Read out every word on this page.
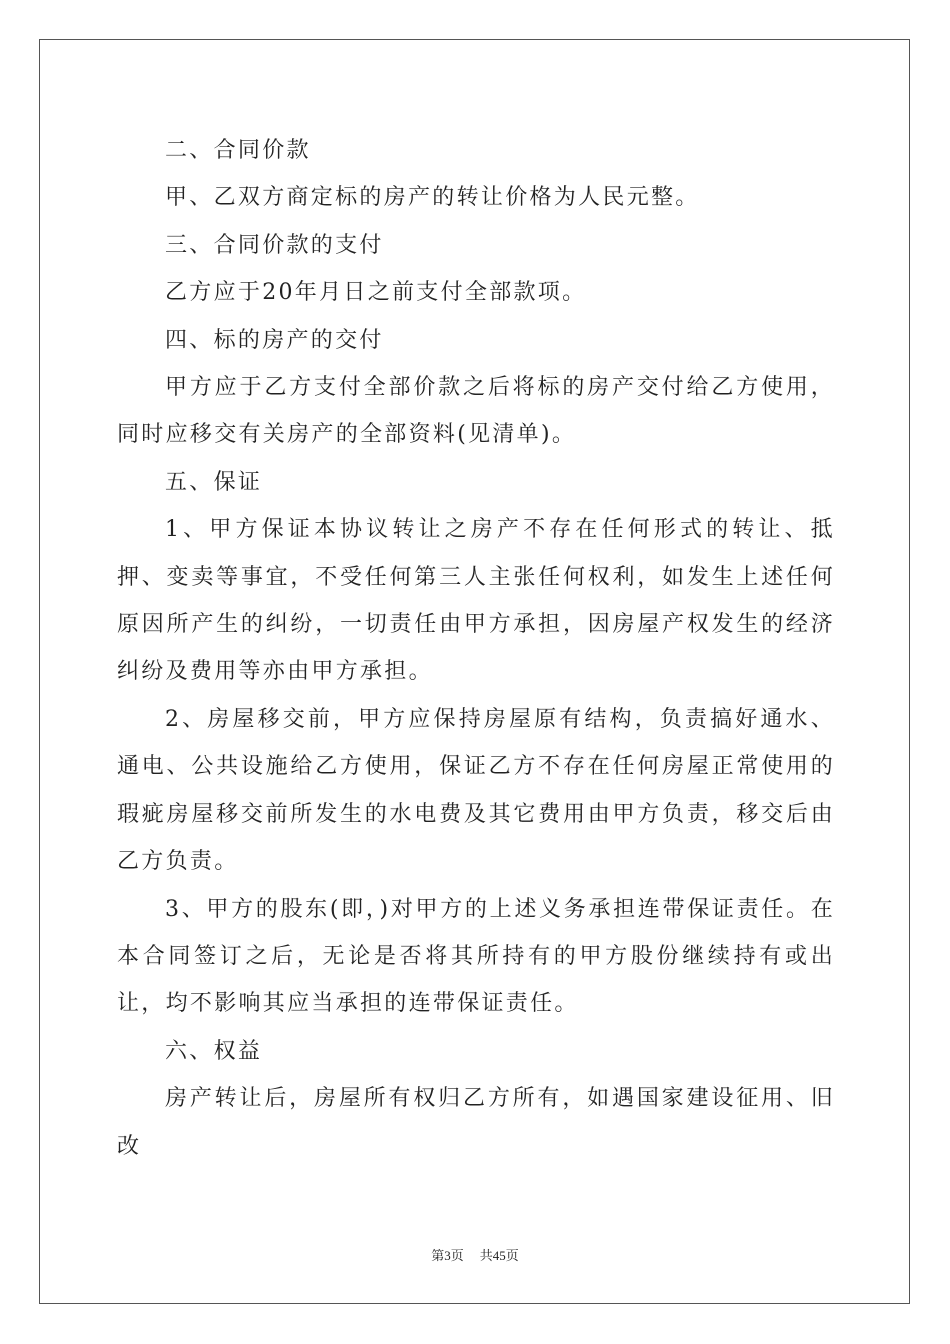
二、合同价款

甲、乙双方商定标的房产的转让价格为人民元整。

三、合同价款的支付

乙方应于20年月日之前支付全部款项。

四、标的房产的交付

甲方应于乙方支付全部价款之后将标的房产交付给乙方使用，同时应移交有关房产的全部资料(见清单)。

五、保证

1、甲方保证本协议转让之房产不存在任何形式的转让、抵押、变卖等事宜，不受任何第三人主张任何权利，如发生上述任何原因所产生的纠纷，一切责任由甲方承担，因房屋产权发生的经济纠纷及费用等亦由甲方承担。

2、房屋移交前，甲方应保持房屋原有结构，负责搞好通水、通电、公共设施给乙方使用，保证乙方不存在任何房屋正常使用的瑕疵房屋移交前所发生的水电费及其它费用由甲方负责，移交后由乙方负责。

3、甲方的股东(即，)对甲方的上述义务承担连带保证责任。在本合同签订之后，无论是否将其所持有的甲方股份继续持有或出让，均不影响其应当承担的连带保证责任。

六、权益

房产转让后，房屋所有权归乙方所有，如遇国家建设征用、旧改

第3页 共45页
